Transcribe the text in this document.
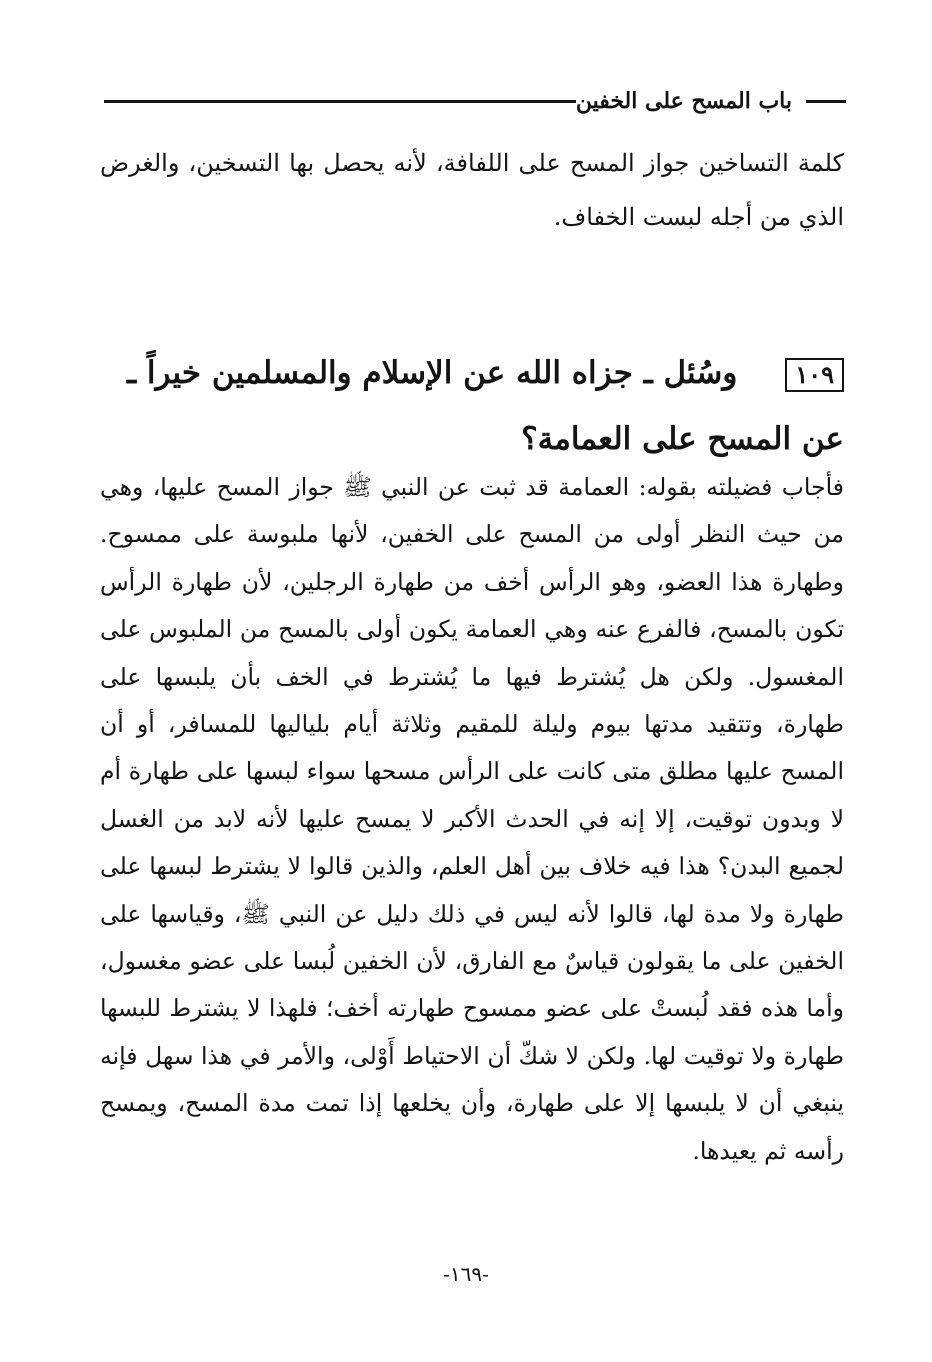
باب المسح على الخفين

كلمة التساخين جواز المسح على اللفافة، لأنه يحصل بها التسخين، والغرض الذي من أجله لبست الخفاف.

١٠٩وسُئل ـ جزاه الله عن الإسلام والمسلمين خيراً ـ عن المسح على العمامة؟

فأجاب فضيلته بقوله: العمامة قد ثبت عن النبي ﷺ جواز المسح عليها، وهي من حيث النظر أولى من المسح على الخفين، لأنها ملبوسة على ممسوح. وطهارة هذا العضو، وهو الرأس أخف من طهارة الرجلين، لأن طهارة الرأس تكون بالمسح، فالفرع عنه وهي العمامة يكون أولى بالمسح من الملبوس على المغسول. ولكن هل يُشترط فيها ما يُشترط في الخف بأن يلبسها على طهارة، وتتقيد مدتها بيوم وليلة للمقيم وثلاثة أيام بلياليها للمسافر، أو أن المسح عليها مطلق متى كانت على الرأس مسحها سواء لبسها على طهارة أم لا وبدون توقيت، إلا إنه في الحدث الأكبر لا يمسح عليها لأنه لابد من الغسل لجميع البدن؟ هذا فيه خلاف بين أهل العلم، والذين قالوا لا يشترط لبسها على طهارة ولا مدة لها، قالوا لأنه ليس في ذلك دليل عن النبي ﷺ، وقياسها على الخفين على ما يقولون قياسٌ مع الفارق، لأن الخفين لُبسا على عضو مغسول، وأما هذه فقد لُبستْ على عضو ممسوح طهارته أخف؛ فلهذا لا يشترط للبسها طهارة ولا توقيت لها. ولكن لا شكّ أن الاحتياط أَوْلى، والأمر في هذا سهل فإنه ينبغي أن لا يلبسها إلا على طهارة، وأن يخلعها إذا تمت مدة المسح، ويمسح رأسه ثم يعيدها.

-١٦٩-
